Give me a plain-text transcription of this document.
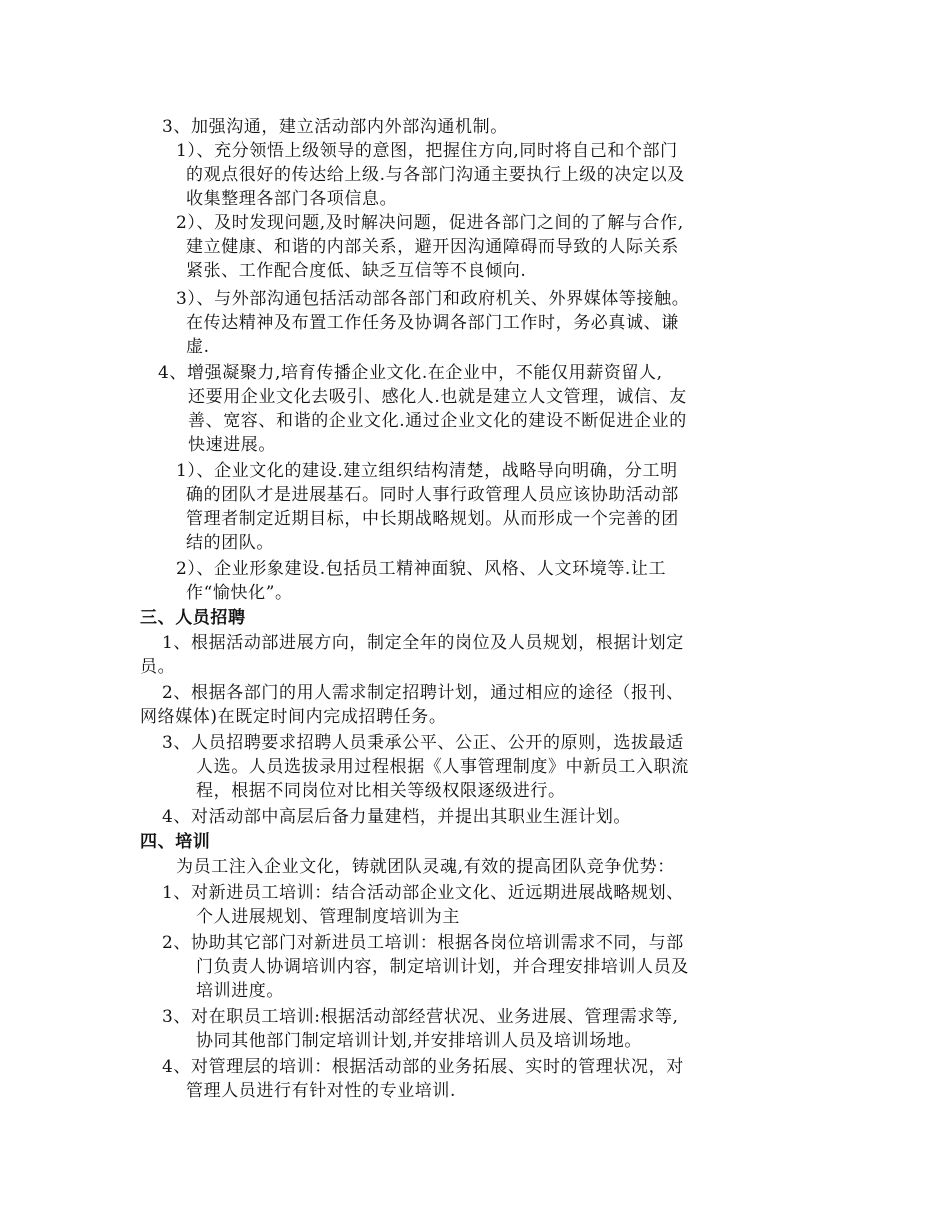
3、加强沟通，建立活动部内外部沟通机制。
1）、充分领悟上级领导的意图，把握住方向,同时将自己和个部门
的观点很好的传达给上级.与各部门沟通主要执行上级的决定以及
收集整理各部门各项信息。
2）、及时发现问题,及时解决问题，促进各部门之间的了解与合作,
建立健康、和谐的内部关系，避开因沟通障碍而导致的人际关系
紧张、工作配合度低、缺乏互信等不良倾向.
3）、与外部沟通包括活动部各部门和政府机关、外界媒体等接触。
在传达精神及布置工作任务及协调各部门工作时，务必真诚、谦
虚.
4、增强凝聚力,培育传播企业文化.在企业中，不能仅用薪资留人,
还要用企业文化去吸引、感化人.也就是建立人文管理，诚信、友
善、宽容、和谐的企业文化.通过企业文化的建设不断促进企业的
快速进展。
1）、企业文化的建设.建立组织结构清楚，战略导向明确，分工明
确的团队才是进展基石。同时人事行政管理人员应该协助活动部
管理者制定近期目标，中长期战略规划。从而形成一个完善的团
结的团队。
2）、企业形象建设.包括员工精神面貌、风格、人文环境等.让工
作“愉快化”。
三、人员招聘
1、根据活动部进展方向，制定全年的岗位及人员规划，根据计划定
员。
2、根据各部门的用人需求制定招聘计划，通过相应的途径（报刊、
网络媒体)在既定时间内完成招聘任务。
3、人员招聘要求招聘人员秉承公平、公正、公开的原则，选拔最适
人选。人员选拔录用过程根据《人事管理制度》中新员工入职流
程，根据不同岗位对比相关等级权限逐级进行。
4、对活动部中高层后备力量建档，并提出其职业生涯计划。
四、培训
为员工注入企业文化，铸就团队灵魂,有效的提高团队竞争优势：
1、对新进员工培训：结合活动部企业文化、近远期进展战略规划、
个人进展规划、管理制度培训为主
2、协助其它部门对新进员工培训：根据各岗位培训需求不同，与部
门负责人协调培训内容，制定培训计划，并合理安排培训人员及
培训进度。
3、对在职员工培训:根据活动部经营状况、业务进展、管理需求等,
协同其他部门制定培训计划,并安排培训人员及培训场地。
4、对管理层的培训：根据活动部的业务拓展、实时的管理状况，对
管理人员进行有针对性的专业培训.
